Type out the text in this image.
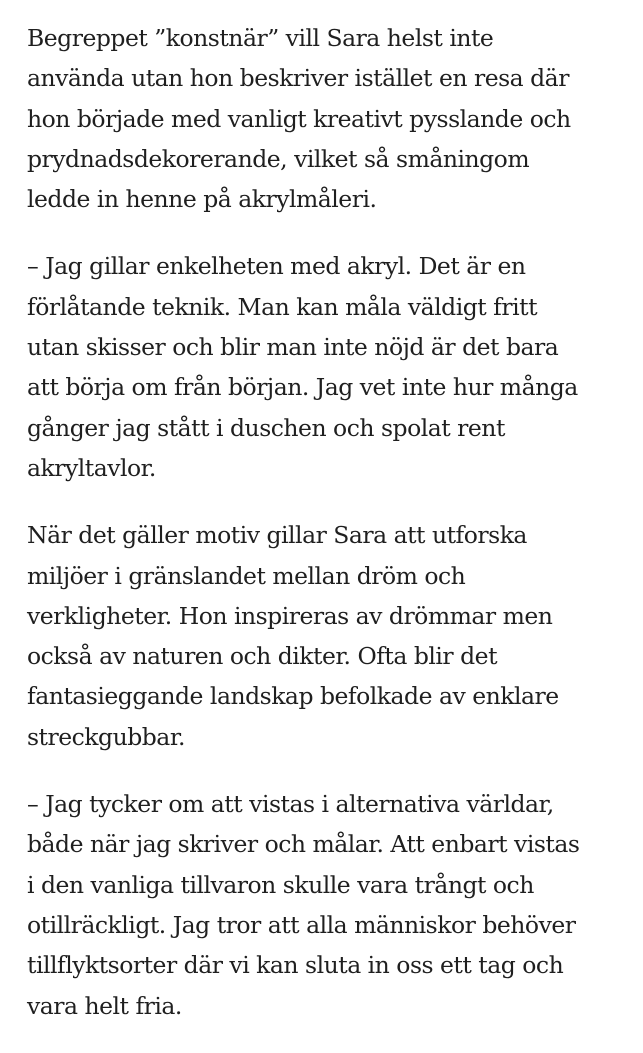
Begreppet ”konstnär” vill Sara helst inte
använda utan hon beskriver istället en resa där
hon började med vanligt kreativt pysslande och
prydnadsdekorerande, vilket så småningom
ledde in henne på akrylmåleri.

– Jag gillar enkelheten med akryl. Det är en
förlåtande teknik. Man kan måla väldigt fritt
utan skisser och blir man inte nöjd är det bara
att börja om från början. Jag vet inte hur många
gånger jag stått i duschen och spolat rent
akryltavlor.

När det gäller motiv gillar Sara att utforska
miljöer i gränslandet mellan dröm och
verkligheter. Hon inspireras av drömmar men
också av naturen och dikter. Ofta blir det
fantasieggande landskap befolkade av enklare
streckgubbar.

– Jag tycker om att vistas i alternativa världar,
både när jag skriver och målar. Att enbart vistas
i den vanliga tillvaron skulle vara trångt och
otillräckligt. Jag tror att alla människor behöver
tillflyktsorter där vi kan sluta in oss ett tag och
vara helt fria.
